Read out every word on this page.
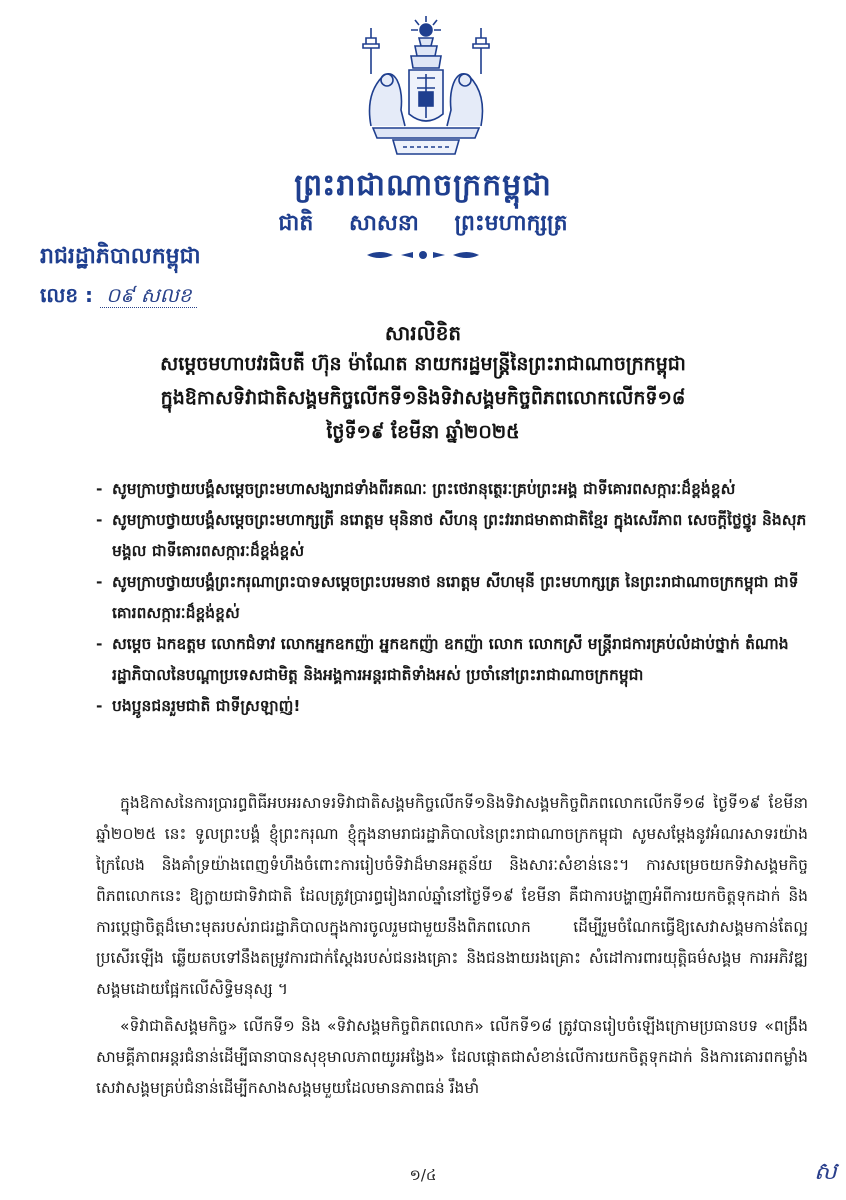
ព្រះរាជាណាចក្រកម្ពុជា
ជាតិ សាសនា ព្រះមហាក្សត្រ
រាជរដ្ឋាភិបាលកម្ពុជា
លេខ : ០៩ សលខ
សារលិខិត
សម្តេចមហាបវរធិបតី ហ៊ុន ម៉ាណែត នាយករដ្ឋមន្ត្រីនៃព្រះរាជាណាចក្រកម្ពុជា
ក្នុងឱកាសទិវាជាតិសង្គមកិច្ចលើកទី១និងទិវាសង្គមកិច្ចពិភពលោកលើកទី១៨
ថ្ងៃទី១៩ ខែមីនា ឆ្នាំ២០២៥
- សូមក្រាបថ្វាយបង្គំសម្តេចព្រះមហាសង្ឃរាជទាំងពីរគណៈ ព្រះថេរានុត្ថេរៈគ្រប់ព្រះអង្គ ជាទីគោរពសក្ការៈដ៏ខ្ពង់ខ្ពស់
- សូមក្រាបថ្វាយបង្គំសម្តេចព្រះមហាក្សត្រី នរោត្តម មុនិនាថ សីហនុ ព្រះវររាជមាតាជាតិខ្មែរ ក្នុងសេរីភាព សេចក្តីថ្លៃថ្នូរ និងសុភមង្គល ជាទីគោរពសក្ការៈដ៏ខ្ពង់ខ្ពស់
- សូមក្រាបថ្វាយបង្គំព្រះករុណាព្រះបាទសម្តេចព្រះបរមនាថ នរោត្តម សីហមុនី ព្រះមហាក្សត្រ នៃព្រះរាជាណាចក្រកម្ពុជា ជាទីគោរពសក្ការៈដ៏ខ្ពង់ខ្ពស់
- សម្តេច ឯកឧត្តម លោកជំទាវ លោកអ្នកឧកញ៉ា អ្នកឧកញ៉ា ឧកញ៉ា លោក លោកស្រី មន្ត្រីរាជការគ្រប់លំដាប់ថ្នាក់ តំណាងរដ្ឋាភិបាលនៃបណ្តាប្រទេសជាមិត្ត និងអង្គការអន្តរជាតិទាំងអស់ ប្រចាំនៅព្រះរាជាណាចក្រកម្ពុជា
- បងប្អូនជនរួមជាតិ ជាទីស្រឡាញ់!

ក្នុងឱកាសនៃការប្រារព្ធពិធីអបអរសាទរទិវាជាតិសង្គមកិច្ចលើកទី១និងទិវាសង្គមកិច្ចពិភពលោកលើកទី១៨ ថ្ងៃទី១៩ ខែមីនា ឆ្នាំ២០២៥ នេះ ទូលព្រះបង្គំ ខ្ញុំព្រះករុណា ខ្ញុំក្នុងនាមរាជរដ្ឋាភិបាលនៃព្រះរាជាណាចក្រកម្ពុជា សូមសម្តែងនូវអំណរសាទរយ៉ាងក្រៃលែង និងគាំទ្រយ៉ាងពេញទំហឹងចំពោះការរៀបចំទិវាដ៏មានអត្ថន័យ និងសារៈសំខាន់នេះ។ ការសម្រេចយកទិវាសង្គមកិច្ចពិភពលោកនេះ ឱ្យក្លាយជាទិវាជាតិ ដែលត្រូវប្រារព្ធរៀងរាល់ឆ្នាំនៅថ្ងៃទី១៩ ខែមីនា គឺជាការបង្ហាញអំពីការយកចិត្តទុកដាក់ និងការប្តេជ្ញាចិត្តដ៏មោះមុតរបស់រាជរដ្ឋាភិបាលក្នុងការចូលរួមជាមួយនឹងពិភពលោក ដើម្បីរួមចំណែកធ្វើឱ្យសេវាសង្គមកាន់តែល្អប្រសើរឡើង ឆ្លើយតបទៅនឹងតម្រូវការជាក់ស្តែងរបស់ជនរងគ្រោះ និងជនងាយរងគ្រោះ សំដៅការពារយុត្តិធម៌សង្គម ការអភិវឌ្ឍសង្គមដោយផ្អែកលើសិទ្ធិមនុស្ស ។

«ទិវាជាតិសង្គមកិច្ច» លើកទី១ និង «ទិវាសង្គមកិច្ចពិភពលោក» លើកទី១៨ ត្រូវបានរៀបចំឡើងក្រោមប្រធានបទ «ពង្រឹងសាមគ្គីភាពអន្តរជំនាន់ដើម្បីធានាបានសុខុមាលភាពយូរអង្វែង» ដែលផ្តោតជាសំខាន់លើការយកចិត្តទុកដាក់ និងការគោរពកម្លាំងសេវាសង្គមគ្រប់ជំនាន់ដើម្បីកសាងសង្គមមួយដែលមានភាពធន់ រឹងមាំ

១/៤	ស
